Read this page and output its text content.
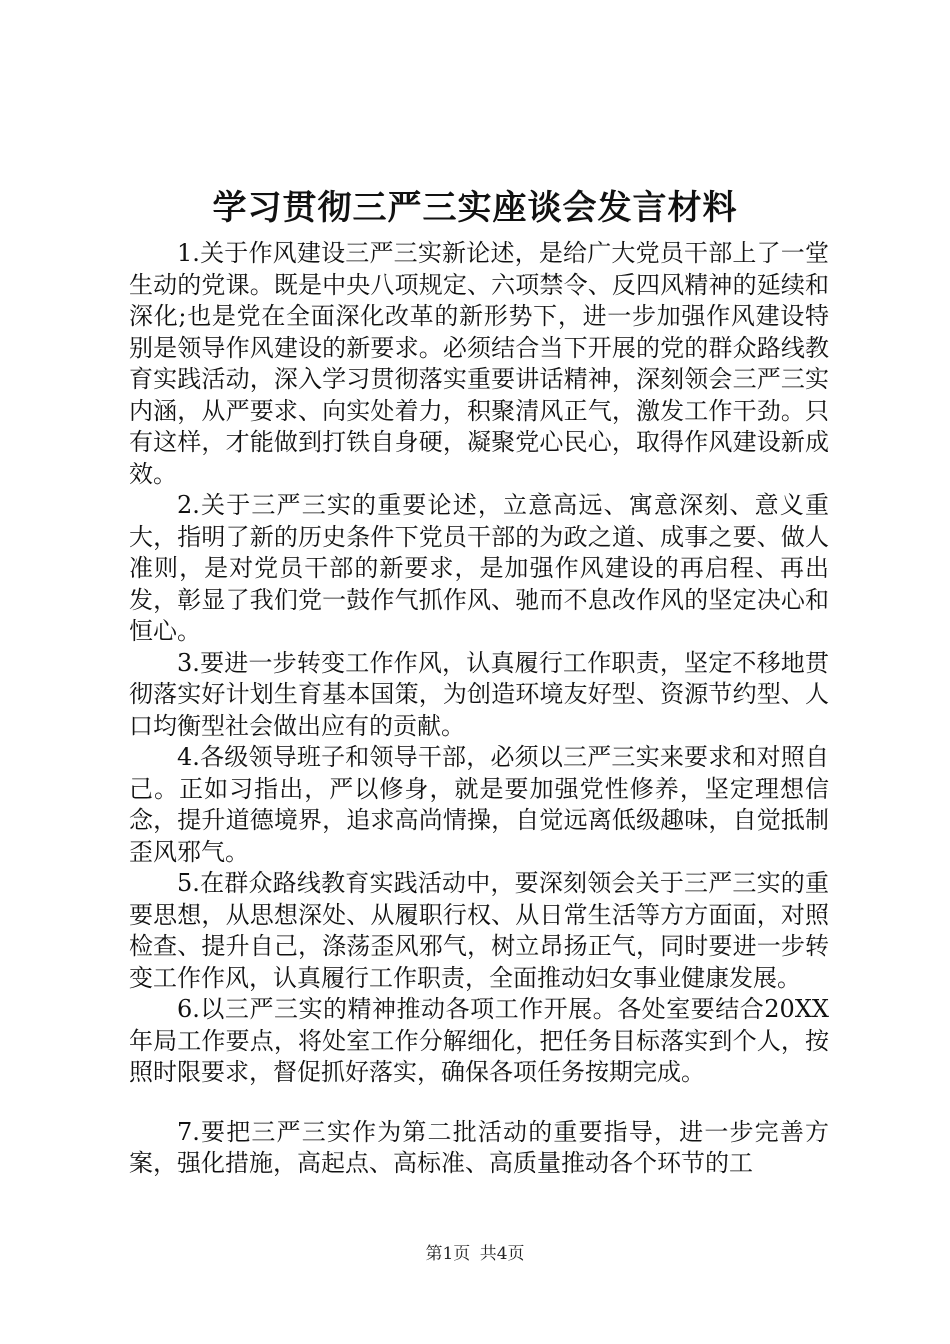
学习贯彻三严三实座谈会发言材料

1.关于作风建设三严三实新论述，是给广大党员干部上了一堂生动的党课。既是中央八项规定、六项禁令、反四风精神的延续和深化;也是党在全面深化改革的新形势下，进一步加强作风建设特别是领导作风建设的新要求。必须结合当下开展的党的群众路线教育实践活动，深入学习贯彻落实重要讲话精神，深刻领会三严三实内涵，从严要求、向实处着力，积聚清风正气，激发工作干劲。只有这样，才能做到打铁自身硬，凝聚党心民心，取得作风建设新成效。

2.关于三严三实的重要论述，立意高远、寓意深刻、意义重大，指明了新的历史条件下党员干部的为政之道、成事之要、做人准则，是对党员干部的新要求，是加强作风建设的再启程、再出发，彰显了我们党一鼓作气抓作风、驰而不息改作风的坚定决心和恒心。

3.要进一步转变工作作风，认真履行工作职责，坚定不移地贯彻落实好计划生育基本国策，为创造环境友好型、资源节约型、人口均衡型社会做出应有的贡献。

4.各级领导班子和领导干部，必须以三严三实来要求和对照自己。正如习指出，严以修身，就是要加强党性修养，坚定理想信念，提升道德境界，追求高尚情操，自觉远离低级趣味，自觉抵制歪风邪气。

5.在群众路线教育实践活动中，要深刻领会关于三严三实的重要思想，从思想深处、从履职行权、从日常生活等方方面面，对照检查、提升自己，涤荡歪风邪气，树立昂扬正气，同时要进一步转变工作作风，认真履行工作职责，全面推动妇女事业健康发展。

6.以三严三实的精神推动各项工作开展。各处室要结合20XX年局工作要点，将处室工作分解细化，把任务目标落实到个人，按照时限要求，督促抓好落实，确保各项任务按期完成。

7.要把三严三实作为第二批活动的重要指导，进一步完善方案，强化措施，高起点、高标准、高质量推动各个环节的工

第1页 共4页
